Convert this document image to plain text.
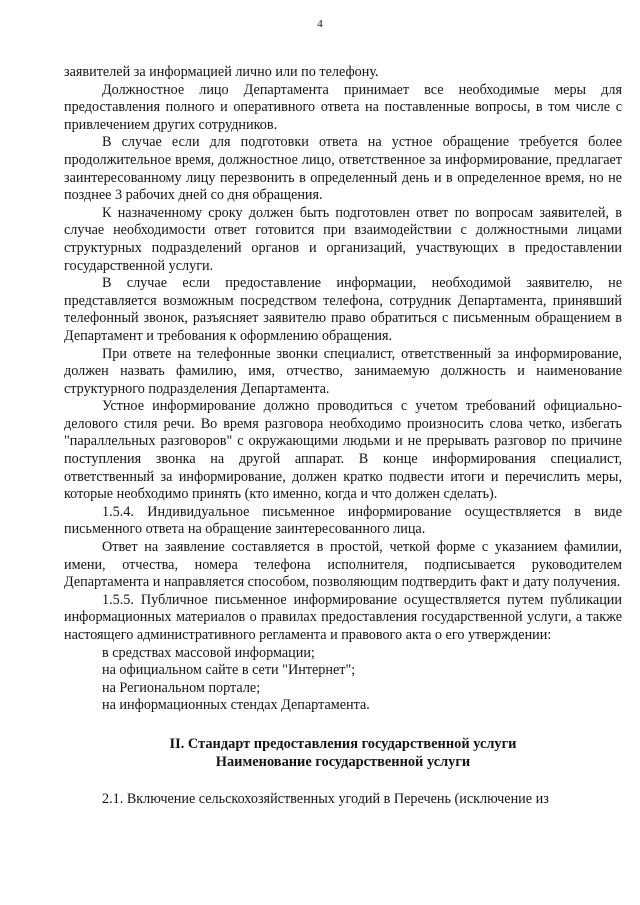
4

заявителей за информацией лично или по телефону.

Должностное лицо Департамента принимает все необходимые меры для предоставления полного и оперативного ответа на поставленные вопросы, в том числе с привлечением других сотрудников.

В случае если для подготовки ответа на устное обращение требуется более продолжительное время, должностное лицо, ответственное за информирование, предлагает заинтересованному лицу перезвонить в определенный день и в определенное время, но не позднее 3 рабочих дней со дня обращения.

К назначенному сроку должен быть подготовлен ответ по вопросам заявителей, в случае необходимости ответ готовится при взаимодействии с должностными лицами структурных подразделений органов и организаций, участвующих в предоставлении государственной услуги.

В случае если предоставление информации, необходимой заявителю, не представляется возможным посредством телефона, сотрудник Департамента, принявший телефонный звонок, разъясняет заявителю право обратиться с письменным обращением в Департамент и требования к оформлению обращения.

При ответе на телефонные звонки специалист, ответственный за информирование, должен назвать фамилию, имя, отчество, занимаемую должность и наименование структурного подразделения Департамента.

Устное информирование должно проводиться с учетом требований официально-делового стиля речи. Во время разговора необходимо произносить слова четко, избегать "параллельных разговоров" с окружающими людьми и не прерывать разговор по причине поступления звонка на другой аппарат. В конце информирования специалист, ответственный за информирование, должен кратко подвести итоги и перечислить меры, которые необходимо принять (кто именно, когда и что должен сделать).

1.5.4. Индивидуальное письменное информирование осуществляется в виде письменного ответа на обращение заинтересованного лица.

Ответ на заявление составляется в простой, четкой форме с указанием фамилии, имени, отчества, номера телефона исполнителя, подписывается руководителем Департамента и направляется способом, позволяющим подтвердить факт и дату получения.

1.5.5. Публичное письменное информирование осуществляется путем публикации информационных материалов о правилах предоставления государственной услуги, а также настоящего административного регламента и правового акта о его утверждении:

в средствах массовой информации;

на официальном сайте в сети "Интернет";

на Региональном портале;

на информационных стендах Департамента.

II. Стандарт предоставления государственной услуги

Наименование государственной услуги

2.1. Включение сельскохозяйственных угодий в Перечень (исключение из
